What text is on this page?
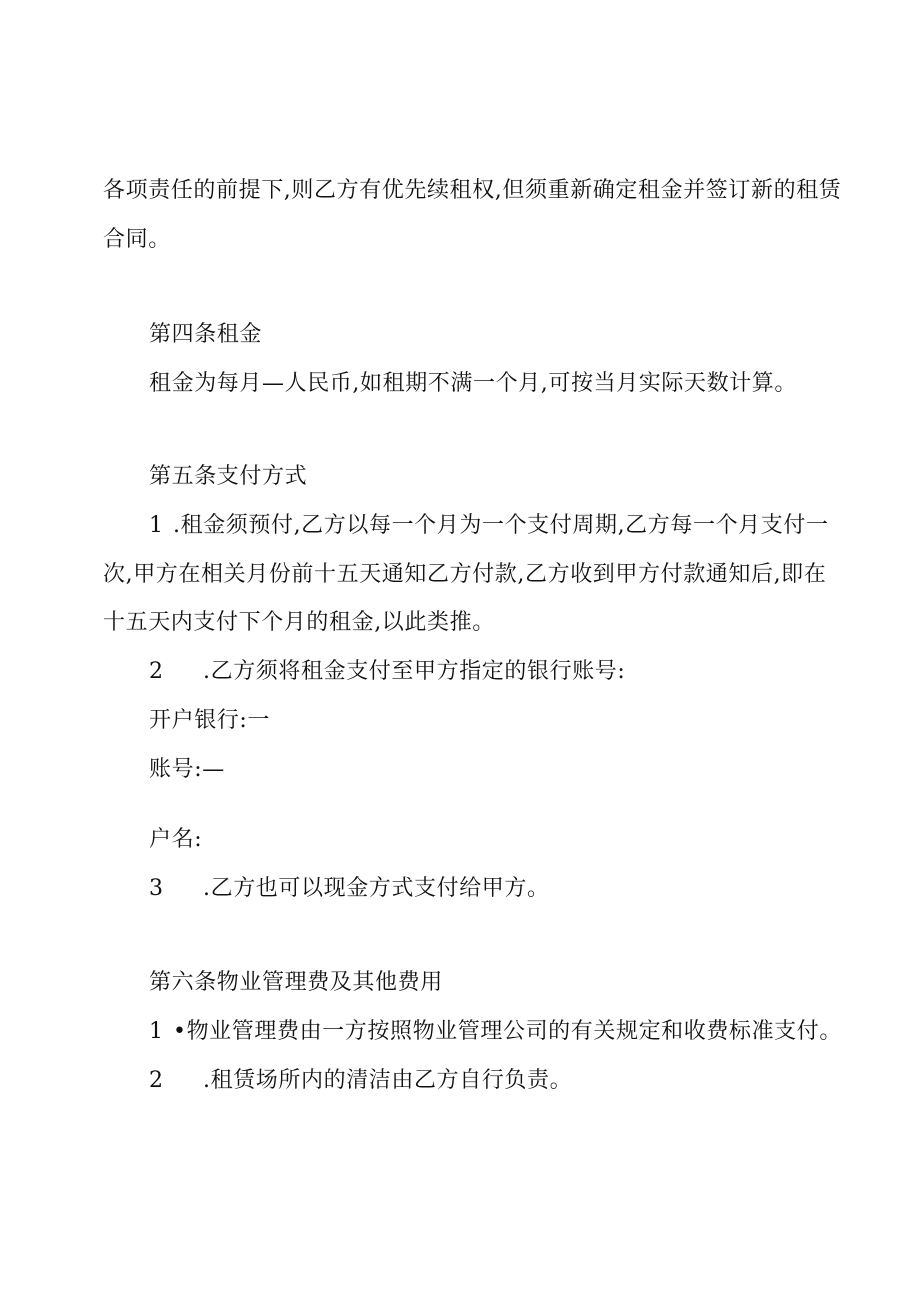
各项责任的前提下,则乙方有优先续租权,但须重新确定租金并签订新的租赁
合同。
第四条租金
租金为每月—人民币,如租期不满一个月,可按当月实际天数计算。
第五条支付方式
1 .租金须预付,乙方以每一个月为一个支付周期,乙方每一个月支付一
次,甲方在相关月份前十五天通知乙方付款,乙方收到甲方付款通知后,即在
十五天内支付下个月的租金,以此类推。
2 .乙方须将租金支付至甲方指定的银行账号:
开户银行:一
账号:—
户名:
3 .乙方也可以现金方式支付给甲方。
第六条物业管理费及其他费用
1 •物业管理费由一方按照物业管理公司的有关规定和收费标准支付。
2 .租赁场所内的清洁由乙方自行负责。
